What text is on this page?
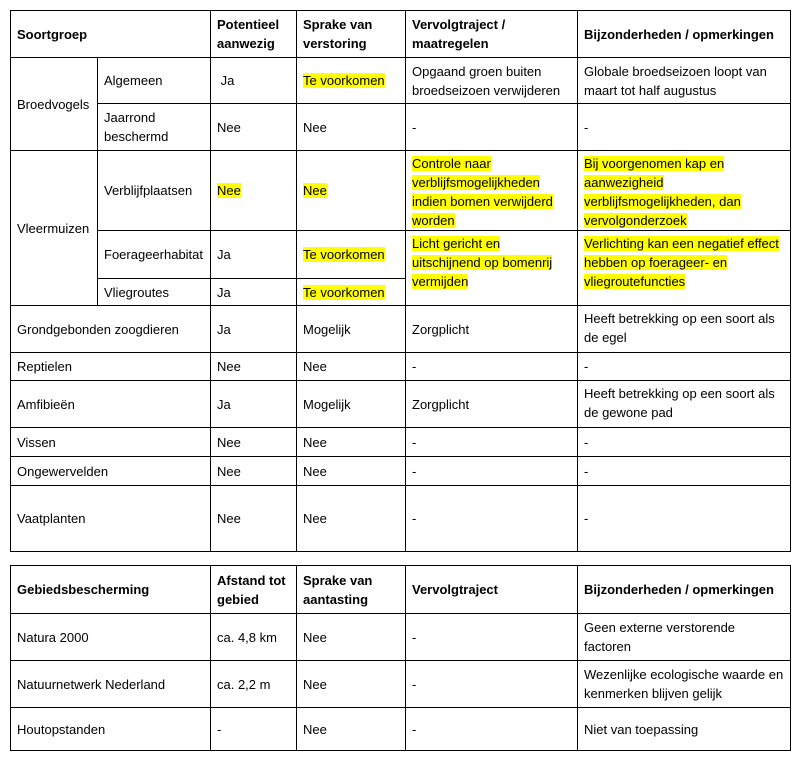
Soortgroep		Potentieel aanwezig	Sprake van verstoring	Vervolgtraject / maatregelen	Bijzonderheden / opmerkingen
Broedvogels	Algemeen	Ja	Te voorkomen	Opgaand groen buiten broedseizoen verwijderen	Globale broedseizoen loopt van maart tot half augustus
	Jaarrond beschermd	Nee	Nee	-	-
Vleermuizen	Verblijfplaatsen	Nee	Nee	Controle naar verblijfsmogelijkheden indien bomen verwijderd worden	Bij voorgenomen kap en aanwezigheid verblijfsmogelijkheden, dan vervolgonderzoek
	Foerageerhabitat	Ja	Te voorkomen	Licht gericht en uitschijnend op bomenrij vermijden	Verlichting kan een negatief effect hebben op foerageer- en vliegroutefuncties
	Vliegroutes	Ja	Te voorkomen		
Grondgebonden zoogdieren		Ja	Mogelijk	Zorgplicht	Heeft betrekking op een soort als de egel
Reptielen		Nee	Nee	-	-
Amfibieën		Ja	Mogelijk	Zorgplicht	Heeft betrekking op een soort als de gewone pad
Vissen		Nee	Nee	-	-
Ongewervelden		Nee	Nee	-	-
Vaatplanten		Nee	Nee	-	-
Gebiedsbescherming	Afstand tot gebied	Sprake van aantasting	Vervolgtraject	Bijzonderheden / opmerkingen
Natura 2000	ca. 4,8 km	Nee	-	Geen externe verstorende factoren
Natuurnetwerk Nederland	ca. 2,2 m	Nee	-	Wezenlijke ecologische waarde en kenmerken blijven gelijk
Houtopstanden	-	Nee	-	Niet van toepassing
